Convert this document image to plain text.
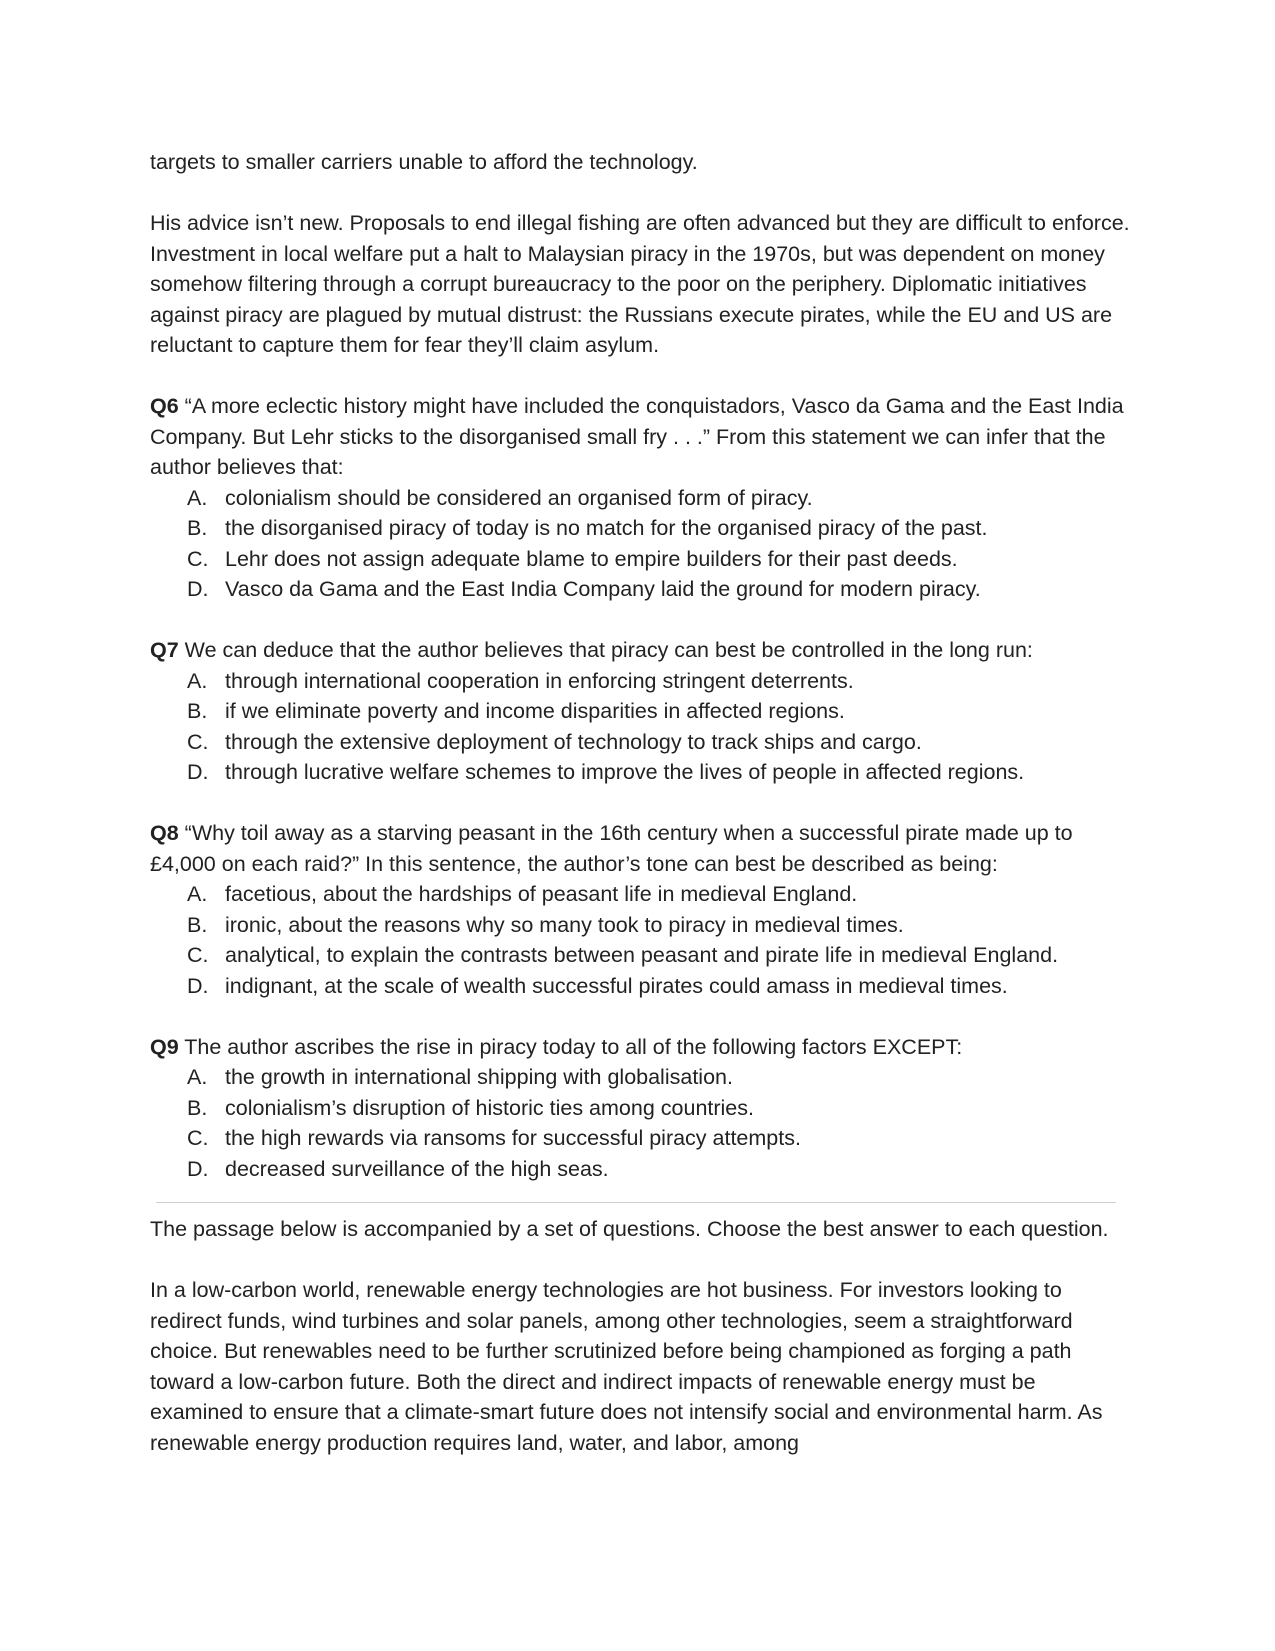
targets to smaller carriers unable to afford the technology.

His advice isn’t new. Proposals to end illegal fishing are often advanced but they are difficult to enforce. Investment in local welfare put a halt to Malaysian piracy in the 1970s, but was dependent on money somehow filtering through a corrupt bureaucracy to the poor on the periphery. Diplomatic initiatives against piracy are plagued by mutual distrust: the Russians execute pirates, while the EU and US are reluctant to capture them for fear they’ll claim asylum.

Q6 “A more eclectic history might have included the conquistadors, Vasco da Gama and the East India Company. But Lehr sticks to the disorganised small fry . . .” From this statement we can infer that the author believes that:

A. colonialism should be considered an organised form of piracy.
B. the disorganised piracy of today is no match for the organised piracy of the past.
C. Lehr does not assign adequate blame to empire builders for their past deeds.
D. Vasco da Gama and the East India Company laid the ground for modern piracy.

Q7 We can deduce that the author believes that piracy can best be controlled in the long run:

A. through international cooperation in enforcing stringent deterrents.
B. if we eliminate poverty and income disparities in affected regions.
C. through the extensive deployment of technology to track ships and cargo.
D. through lucrative welfare schemes to improve the lives of people in affected regions.

Q8 “Why toil away as a starving peasant in the 16th century when a successful pirate made up to £4,000 on each raid?” In this sentence, the author’s tone can best be described as being:

A. facetious, about the hardships of peasant life in medieval England.
B. ironic, about the reasons why so many took to piracy in medieval times.
C. analytical, to explain the contrasts between peasant and pirate life in medieval England.
D. indignant, at the scale of wealth successful pirates could amass in medieval times.

Q9 The author ascribes the rise in piracy today to all of the following factors EXCEPT:

A. the growth in international shipping with globalisation.
B. colonialism’s disruption of historic ties among countries.
C. the high rewards via ransoms for successful piracy attempts.
D. decreased surveillance of the high seas.

The passage below is accompanied by a set of questions. Choose the best answer to each question.

In a low-carbon world, renewable energy technologies are hot business. For investors looking to redirect funds, wind turbines and solar panels, among other technologies, seem a straightforward choice. But renewables need to be further scrutinized before being championed as forging a path toward a low-carbon future. Both the direct and indirect impacts of renewable energy must be examined to ensure that a climate-smart future does not intensify social and environmental harm. As renewable energy production requires land, water, and labor, among
